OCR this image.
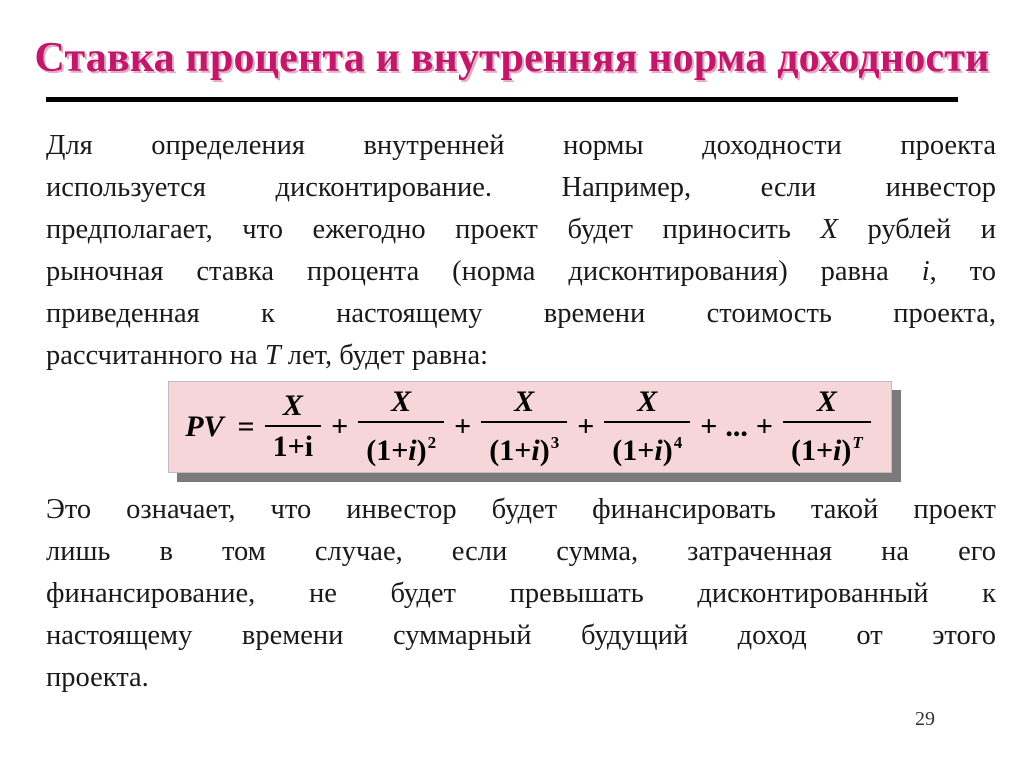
Ставка процента и внутренняя норма доходности
Для определения внутренней нормы доходности проекта
используется дисконтирование. Например, если инвестор
предполагает, что ежегодно проект будет приносить X рублей и
рыночная ставка процента (норма дисконтирования) равна i, то
приведенная к настоящему времени стоимость проекта,
рассчитанного на T лет, будет равна:
PV = $\frac{X}{1+i} + \frac{X}{(1+i)^2} + \frac{X}{(1+i)^3} + \frac{X}{(1+i)^4}$ + ... + $\frac{X}{(1+i)^T}$
Это означает, что инвестор будет финансировать такой проект
лишь в том случае, если сумма, затраченная на его
финансирование, не будет превышать дисконтированный к
настоящему времени суммарный будущий доход от этого
проекта.
29
